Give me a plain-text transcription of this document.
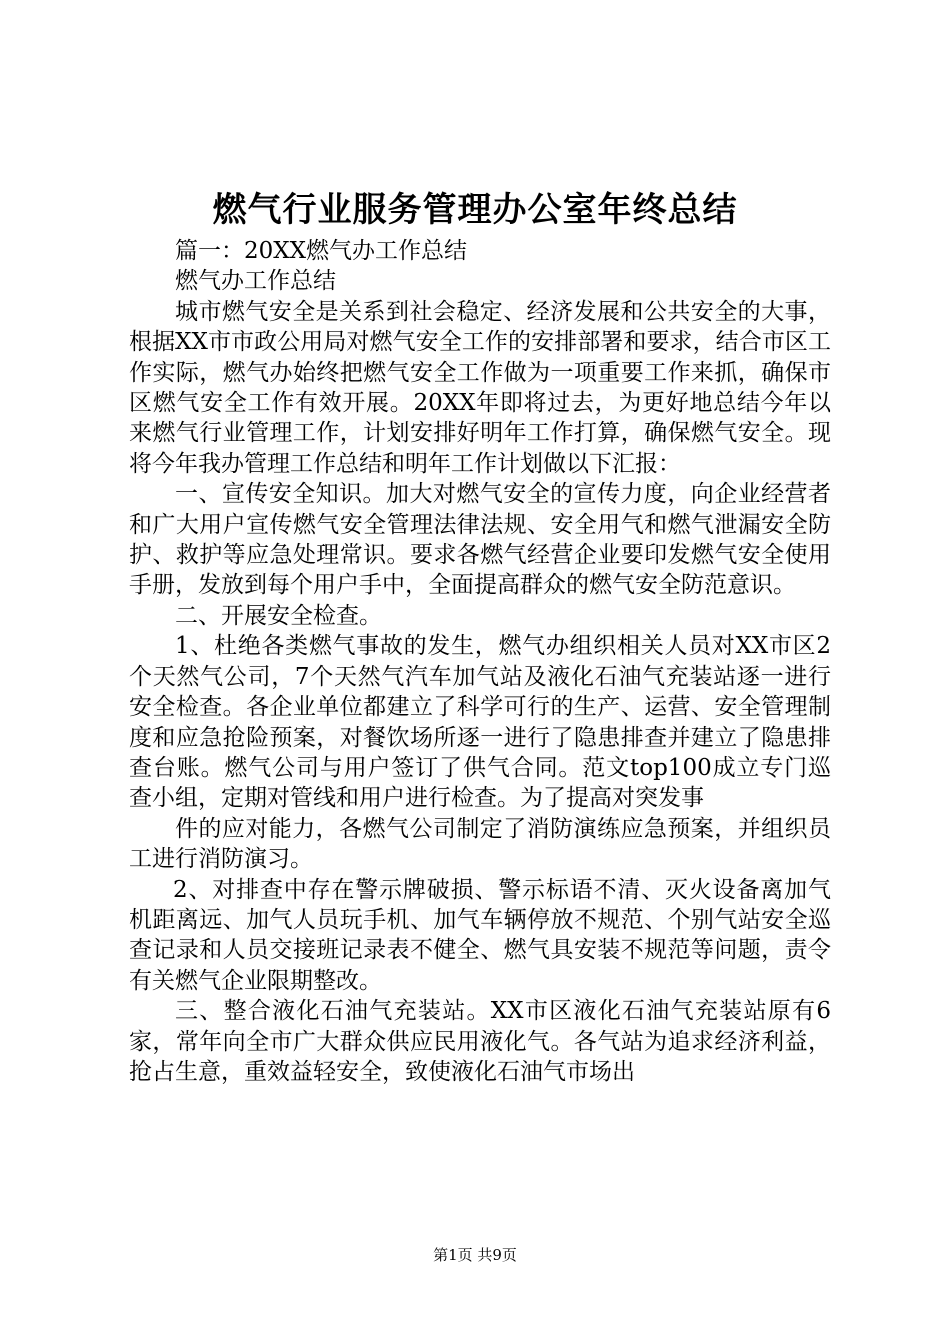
燃气行业服务管理办公室年终总结

篇一：20XX燃气办工作总结

燃气办工作总结

城市燃气安全是关系到社会稳定、经济发展和公共安全的大事，根据XX市市政公用局对燃气安全工作的安排部署和要求，结合市区工作实际，燃气办始终把燃气安全工作做为一项重要工作来抓，确保市区燃气安全工作有效开展。20XX年即将过去，为更好地总结今年以来燃气行业管理工作，计划安排好明年工作打算，确保燃气安全。现将今年我办管理工作总结和明年工作计划做以下汇报：

一、宣传安全知识。加大对燃气安全的宣传力度，向企业经营者和广大用户宣传燃气安全管理法律法规、安全用气和燃气泄漏安全防护、救护等应急处理常识。要求各燃气经营企业要印发燃气安全使用手册，发放到每个用户手中，全面提高群众的燃气安全防范意识。

二、开展安全检查。

1、杜绝各类燃气事故的发生，燃气办组织相关人员对XX市区2个天然气公司，7个天然气汽车加气站及液化石油气充装站逐一进行安全检查。各企业单位都建立了科学可行的生产、运营、安全管理制度和应急抢险预案，对餐饮场所逐一进行了隐患排查并建立了隐患排查台账。燃气公司与用户签订了供气合同。范文top100成立专门巡查小组，定期对管线和用户进行检查。为了提高对突发事

件的应对能力，各燃气公司制定了消防演练应急预案，并组织员工进行消防演习。

2、对排查中存在警示牌破损、警示标语不清、灭火设备离加气机距离远、加气人员玩手机、加气车辆停放不规范、个别气站安全巡查记录和人员交接班记录表不健全、燃气具安装不规范等问题，责令有关燃气企业限期整改。

三、整合液化石油气充装站。XX市区液化石油气充装站原有6家，常年向全市广大群众供应民用液化气。各气站为追求经济利益，抢占生意，重效益轻安全，致使液化石油气市场出

第1页 共9页
